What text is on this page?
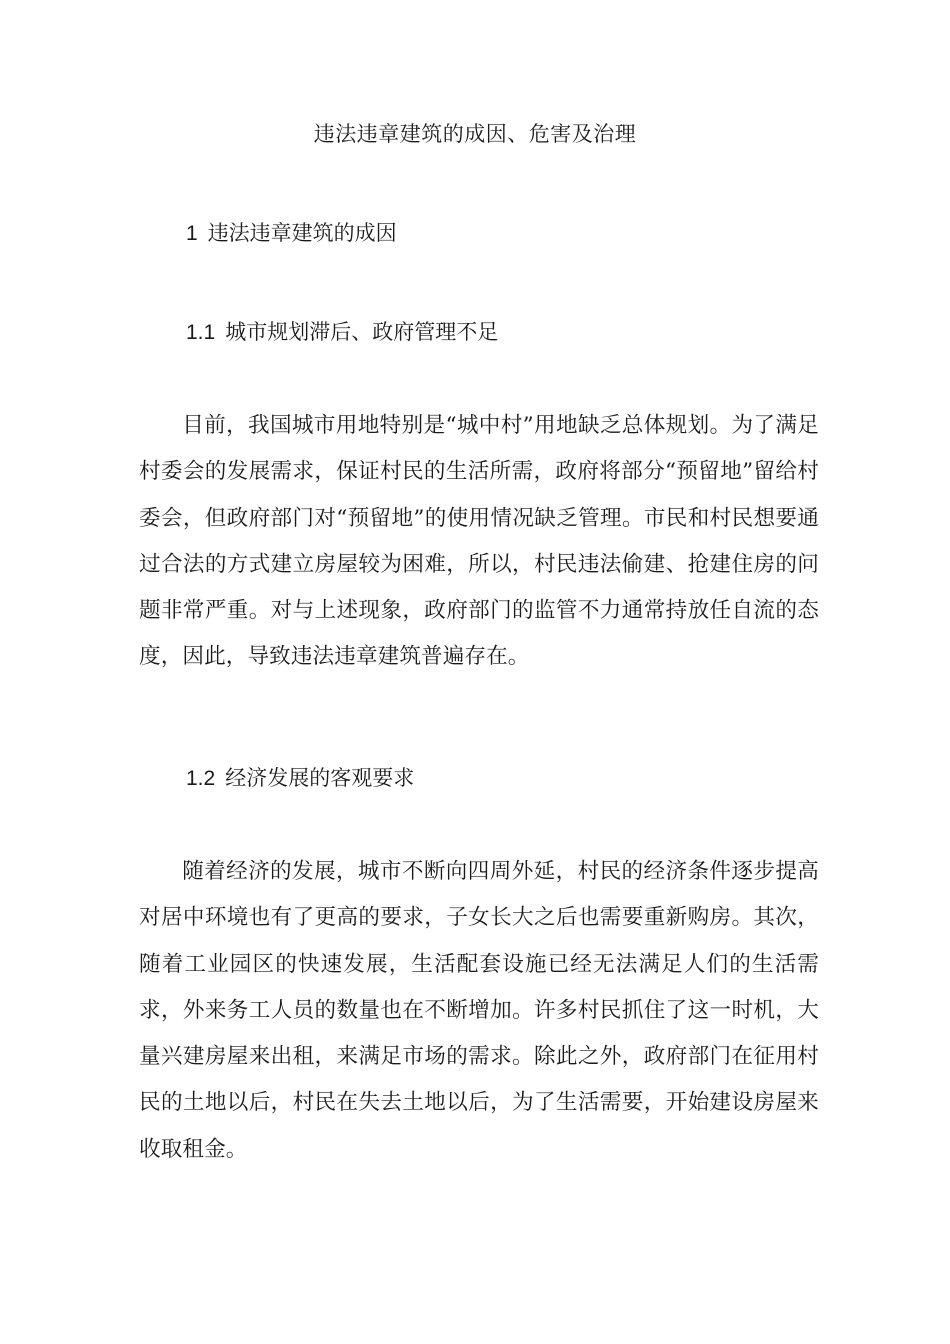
违法违章建筑的成因、危害及治理
1 违法违章建筑的成因
1.1 城市规划滞后、政府管理不足
目前，我国城市用地特别是“城中村”用地缺乏总体规划。为了满足村委会的发展需求，保证村民的生活所需，政府将部分“预留地”留给村委会，但政府部门对“预留地”的使用情况缺乏管理。市民和村民想要通过合法的方式建立房屋较为困难，所以，村民违法偷建、抢建住房的问题非常严重。对与上述现象，政府部门的监管不力通常持放任自流的态度，因此，导致违法违章建筑普遍存在。
1.2 经济发展的客观要求
随着经济的发展，城市不断向四周外延，村民的经济条件逐步提高对居中环境也有了更高的要求，子女长大之后也需要重新购房。其次，随着工业园区的快速发展，生活配套设施已经无法满足人们的生活需求，外来务工人员的数量也在不断增加。许多村民抓住了这一时机，大量兴建房屋来出租，来满足市场的需求。除此之外，政府部门在征用村民的土地以后，村民在失去土地以后，为了生活需要，开始建设房屋来收取租金。
